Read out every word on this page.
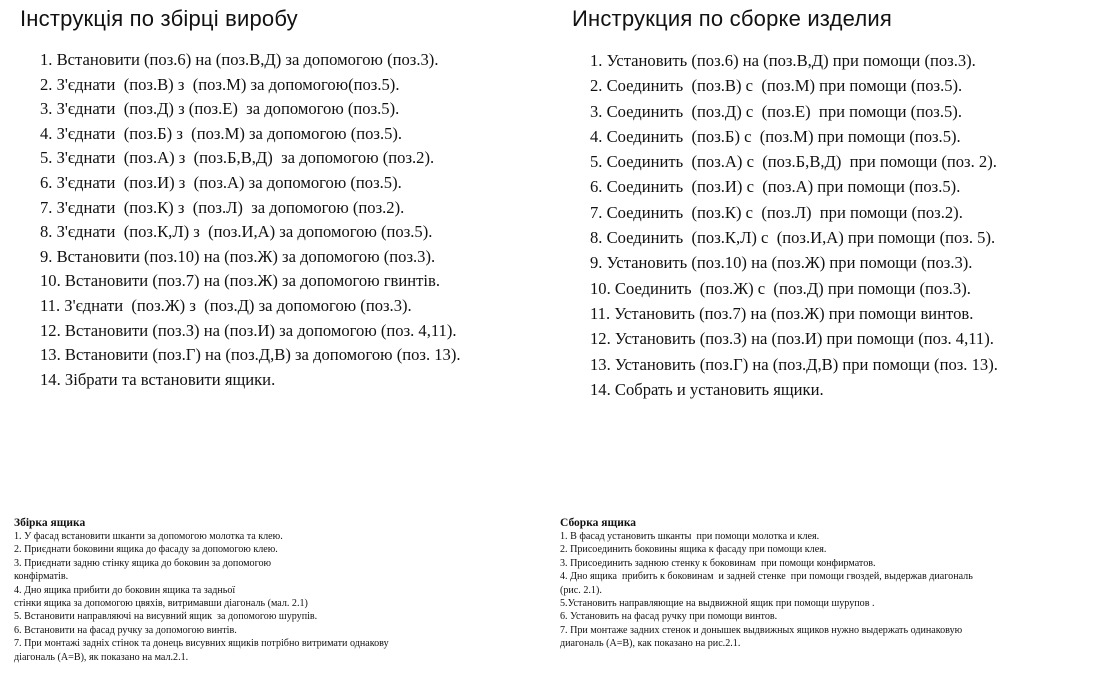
Інструкція по збірці виробу
1. Встановити (поз.6) на (поз.В,Д) за допомогою (поз.3).
2. З'єднати  (поз.В) з  (поз.М) за допомогою(поз.5).
3. З'єднати  (поз.Д) з (поз.Е)  за допомогою (поз.5).
4. З'єднати  (поз.Б) з  (поз.М) за допомогою (поз.5).
5. З'єднати  (поз.А) з  (поз.Б,В,Д)  за допомогою (поз.2).
6. З'єднати  (поз.И) з  (поз.А) за допомогою (поз.5).
7. З'єднати  (поз.К) з  (поз.Л)  за допомогою (поз.2).
8. З'єднати  (поз.К,Л) з  (поз.И,А) за допомогою (поз.5).
9. Встановити (поз.10) на (поз.Ж) за допомогою (поз.3).
10. Встановити (поз.7) на (поз.Ж) за допомогою гвинтів.
11. З'єднати  (поз.Ж) з  (поз.Д) за допомогою (поз.3).
12. Встановити (поз.З) на (поз.И) за допомогою (поз. 4,11).
13. Встановити (поз.Г) на (поз.Д,В) за допомогою (поз. 13).
14. Зібрати та встановити ящики.
Инструкция по сборке изделия
1. Установить (поз.6) на (поз.В,Д) при помощи (поз.3).
2. Соединить  (поз.В) с  (поз.М) при помощи (поз.5).
3. Соединить  (поз.Д) с  (поз.Е)  при помощи (поз.5).
4. Соединить  (поз.Б) с  (поз.М) при помощи (поз.5).
5. Соединить  (поз.А) с  (поз.Б,В,Д)  при помощи (поз. 2).
6. Соединить  (поз.И) с  (поз.А) при помощи (поз.5).
7. Соединить  (поз.К) с  (поз.Л)  при помощи (поз.2).
8. Соединить  (поз.К,Л) с  (поз.И,А) при помощи (поз. 5).
9. Установить (поз.10) на (поз.Ж) при помощи (поз.3).
10. Соединить  (поз.Ж) с  (поз.Д) при помощи (поз.3).
11. Установить (поз.7) на (поз.Ж) при помощи винтов.
12. Установить (поз.З) на (поз.И) при помощи (поз. 4,11).
13. Установить (поз.Г) на (поз.Д,В) при помощи (поз. 13).
14. Собрать и установить ящики.
Збірка ящика
1. У фасад встановити шканти за допомогою молотка та клею.
2. Приєднати боковини ящика до фасаду за допомогою клею.
3. Приєднати задню стінку ящика до боковин за допомогою
конфірматів.
4. Дно ящика прибити до боковин ящика та задньої
стінки ящика за допомогою цвяхів, витримавши діагональ (мал. 2.1)
5. Встановити направляючі на висувний ящик  за допомогою шурупів.
6. Встановити на фасад ручку за допомогою винтів.
7. При монтажі задніх стінок та донець висувних ящиків потрібно витримати однакову
діагональ (А=В), як показано на мал.2.1.
Сборка ящика
1. В фасад установить шканты  при помощи молотка и клея.
2. Присоединить боковины ящика к фасаду при помощи клея.
3. Присоединить заднюю стенку к боковинам  при помощи конфирматов.
4. Дно ящика  прибить к боковинам  и задней стенке  при помощи гвоздей, выдержав диагональ
(рис. 2.1).
5.Установить направляющие на выдвижной ящик при помощи шурупов .
6. Установить на фасад ручку при помощи винтов.
7. При монтаже задних стенок и донышек выдвижных ящиков нужно выдержать одинаковую
диагональ (А=В), как показано на рис.2.1.
